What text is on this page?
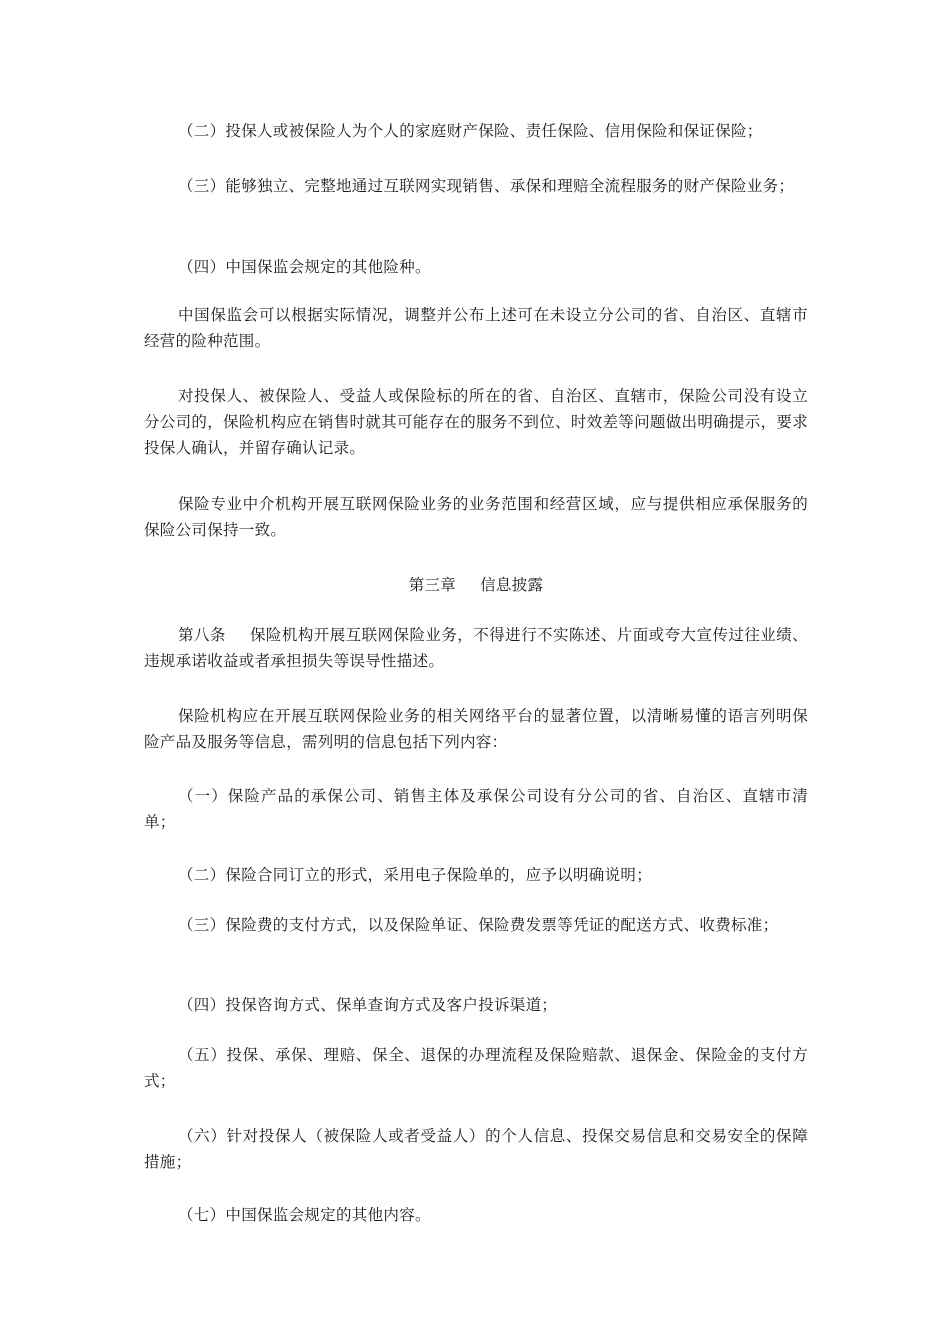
（二）投保人或被保险人为个人的家庭财产保险、责任保险、信用保险和保证保险；

（三）能够独立、完整地通过互联网实现销售、承保和理赔全流程服务的财产保险业务；

（四）中国保监会规定的其他险种。

中国保监会可以根据实际情况，调整并公布上述可在未设立分公司的省、自治区、直辖市经营的险种范围。

对投保人、被保险人、受益人或保险标的所在的省、自治区、直辖市，保险公司没有设立分公司的，保险机构应在销售时就其可能存在的服务不到位、时效差等问题做出明确提示，要求投保人确认，并留存确认记录。

保险专业中介机构开展互联网保险业务的业务范围和经营区域，应与提供相应承保服务的保险公司保持一致。

第三章 信息披露

第八条 保险机构开展互联网保险业务，不得进行不实陈述、片面或夸大宣传过往业绩、违规承诺收益或者承担损失等误导性描述。

保险机构应在开展互联网保险业务的相关网络平台的显著位置，以清晰易懂的语言列明保险产品及服务等信息，需列明的信息包括下列内容：

（一）保险产品的承保公司、销售主体及承保公司设有分公司的省、自治区、直辖市清单；

（二）保险合同订立的形式，采用电子保险单的，应予以明确说明；

（三）保险费的支付方式，以及保险单证、保险费发票等凭证的配送方式、收费标准；

（四）投保咨询方式、保单查询方式及客户投诉渠道；

（五）投保、承保、理赔、保全、退保的办理流程及保险赔款、退保金、保险金的支付方式；

（六）针对投保人（被保险人或者受益人）的个人信息、投保交易信息和交易安全的保障措施；

（七）中国保监会规定的其他内容。
